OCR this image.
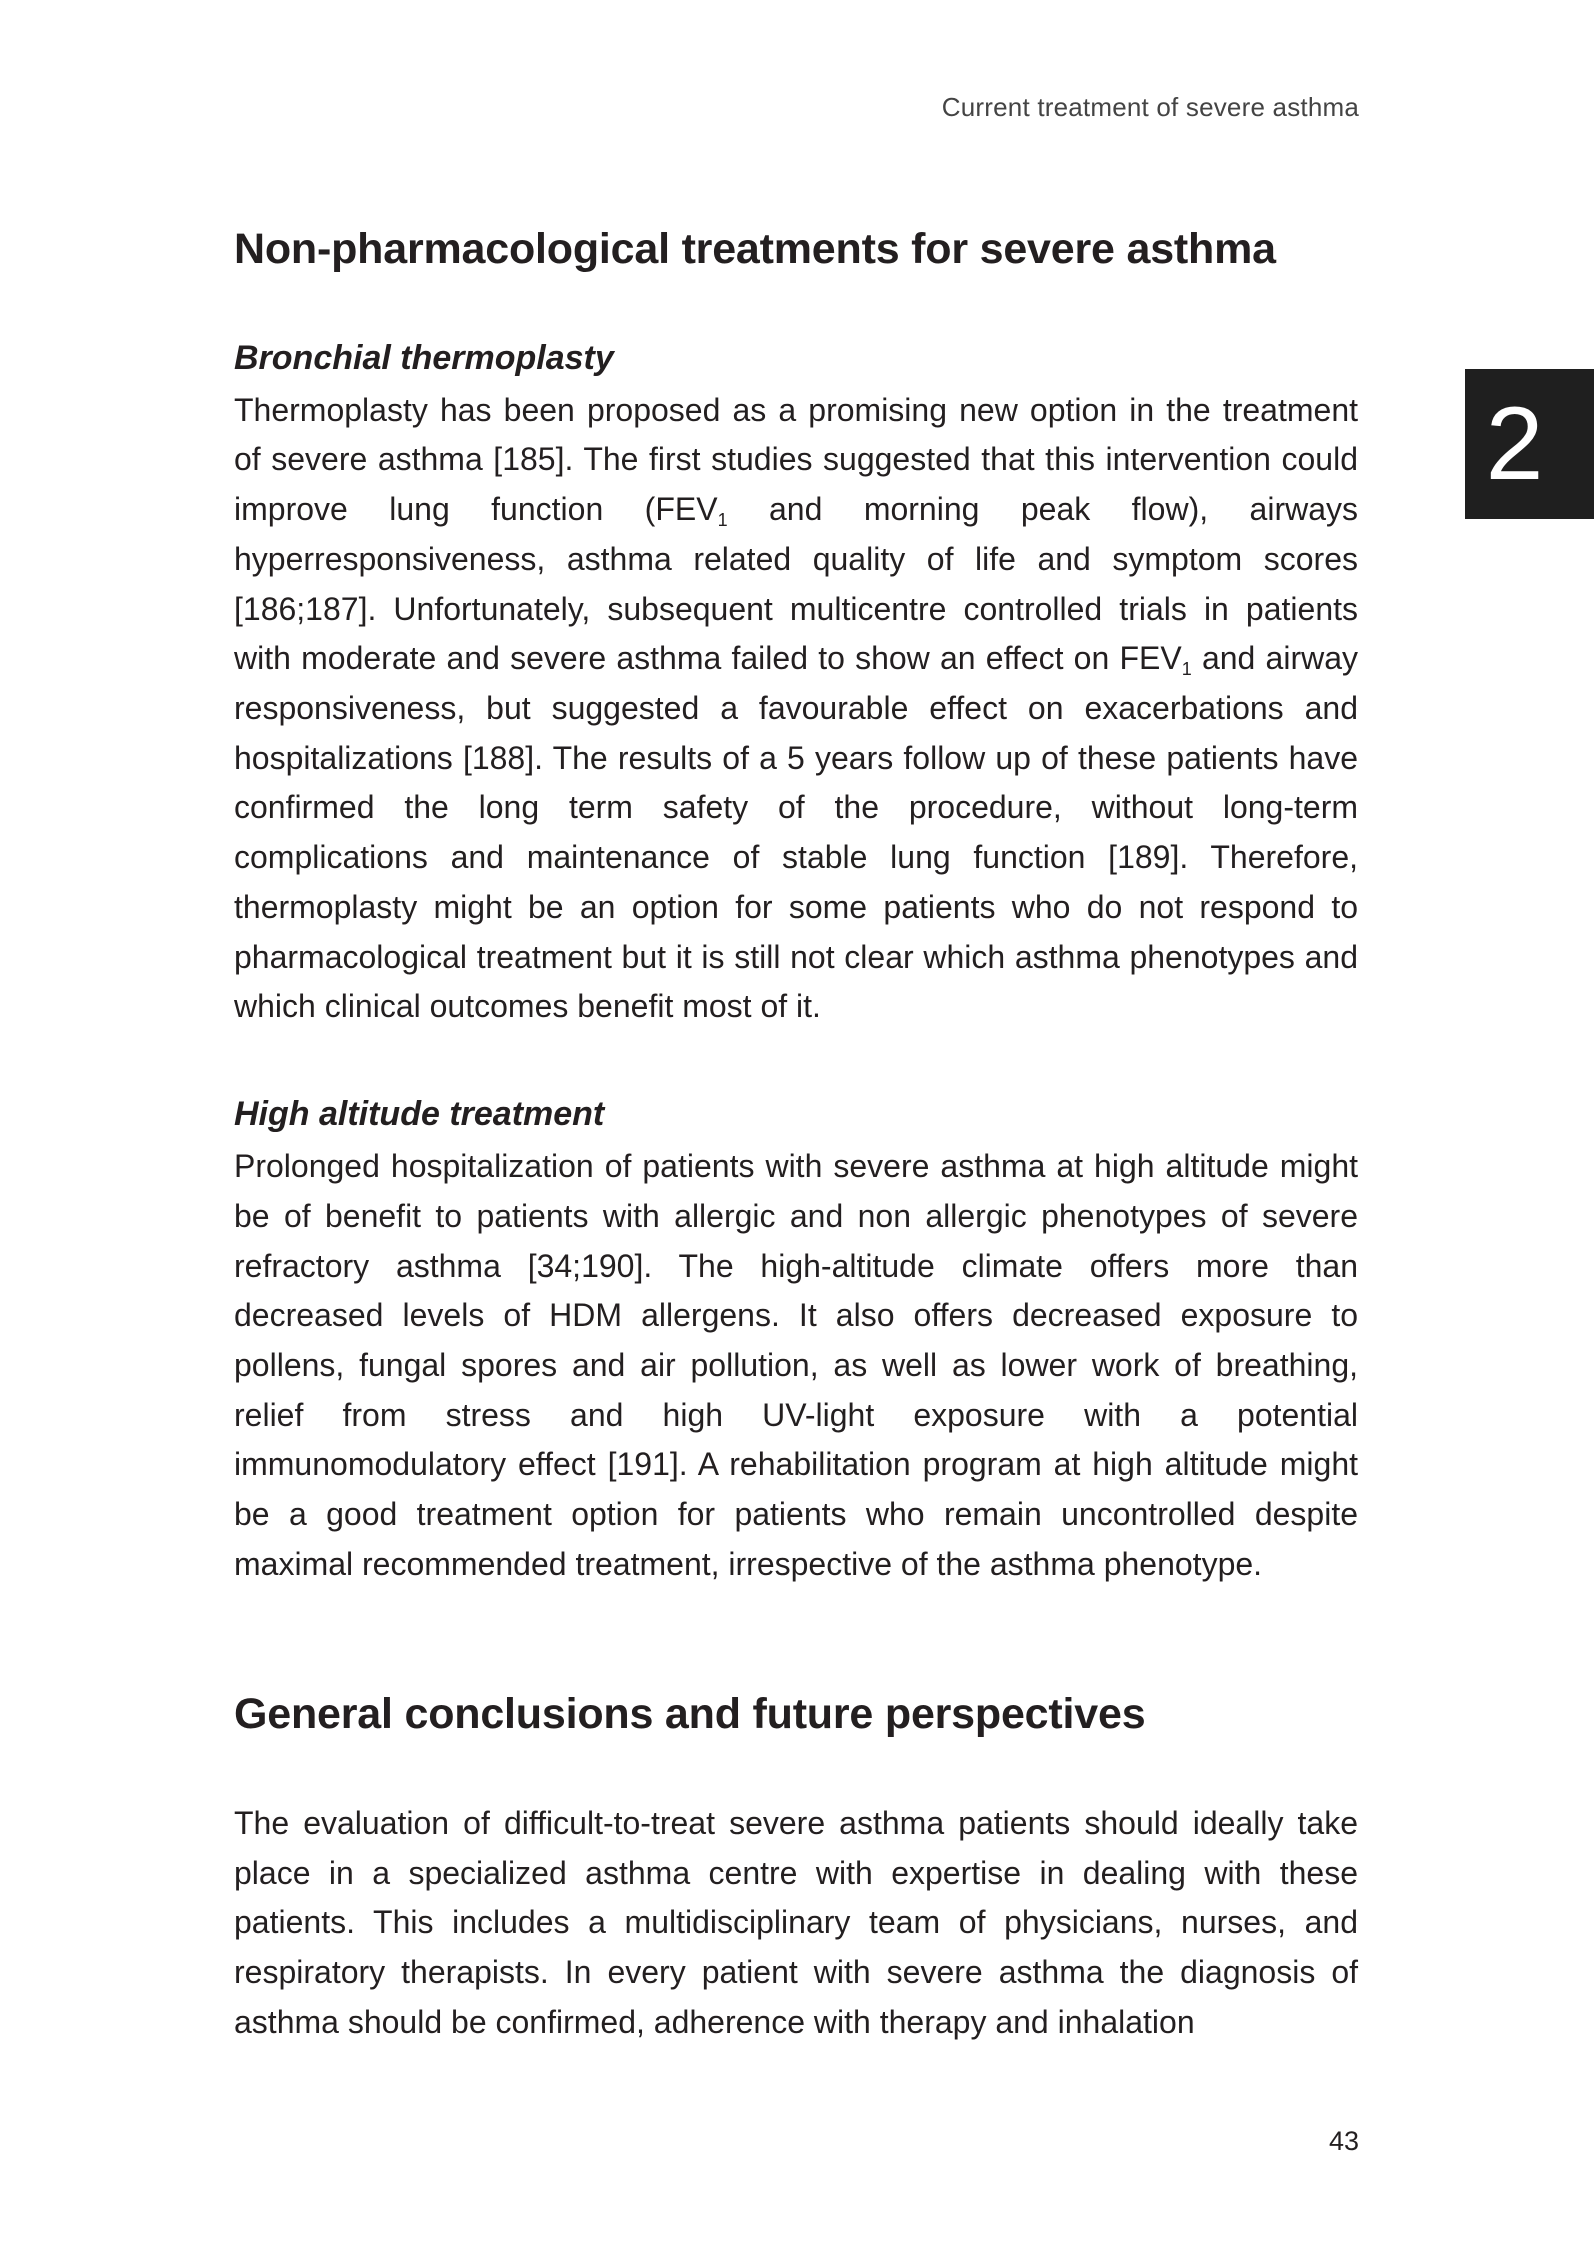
Current treatment of severe asthma
2
Non-pharmacological treatments for severe asthma
Bronchial thermoplasty

Thermoplasty has been proposed as a promising new option in the treatment of severe asthma [185]. The first studies suggested that this intervention could improve lung function ($FEV_1$ and morning peak flow), airways hyperresponsiveness, asthma related quality of life and symptom scores [186;187]. Unfortunately, subsequent multicentre controlled trials in patients with moderate and severe asthma failed to show an effect on $FEV_1$ and airway responsiveness, but suggested a favourable effect on exacerbations and hospitalizations [188]. The results of a 5 years follow up of these patients have confirmed the long term safety of the procedure, without long-term complications and maintenance of stable lung function [189]. Therefore, thermoplasty might be an option for some patients who do not respond to pharmacological treatment but it is still not clear which asthma phenotypes and which clinical outcomes benefit most of it.

High altitude treatment

Prolonged hospitalization of patients with severe asthma at high altitude might be of benefit to patients with allergic and non allergic phenotypes of severe refractory asthma [34;190]. The high-altitude climate offers more than decreased levels of HDM allergens. It also offers decreased exposure to pollens, fungal spores and air pollution, as well as lower work of breathing, relief from stress and high UV-light exposure with a potential immunomodulatory effect [191]. A rehabilitation program at high altitude might be a good treatment option for patients who remain uncontrolled despite maximal recommended treatment, irrespective of the asthma phenotype.

General conclusions and future perspectives

The evaluation of difficult-to-treat severe asthma patients should ideally take place in a specialized asthma centre with expertise in dealing with these patients. This includes a multidisciplinary team of physicians, nurses, and respiratory therapists. In every patient with severe asthma the diagnosis of asthma should be confirmed, adherence with therapy and inhalation

43
